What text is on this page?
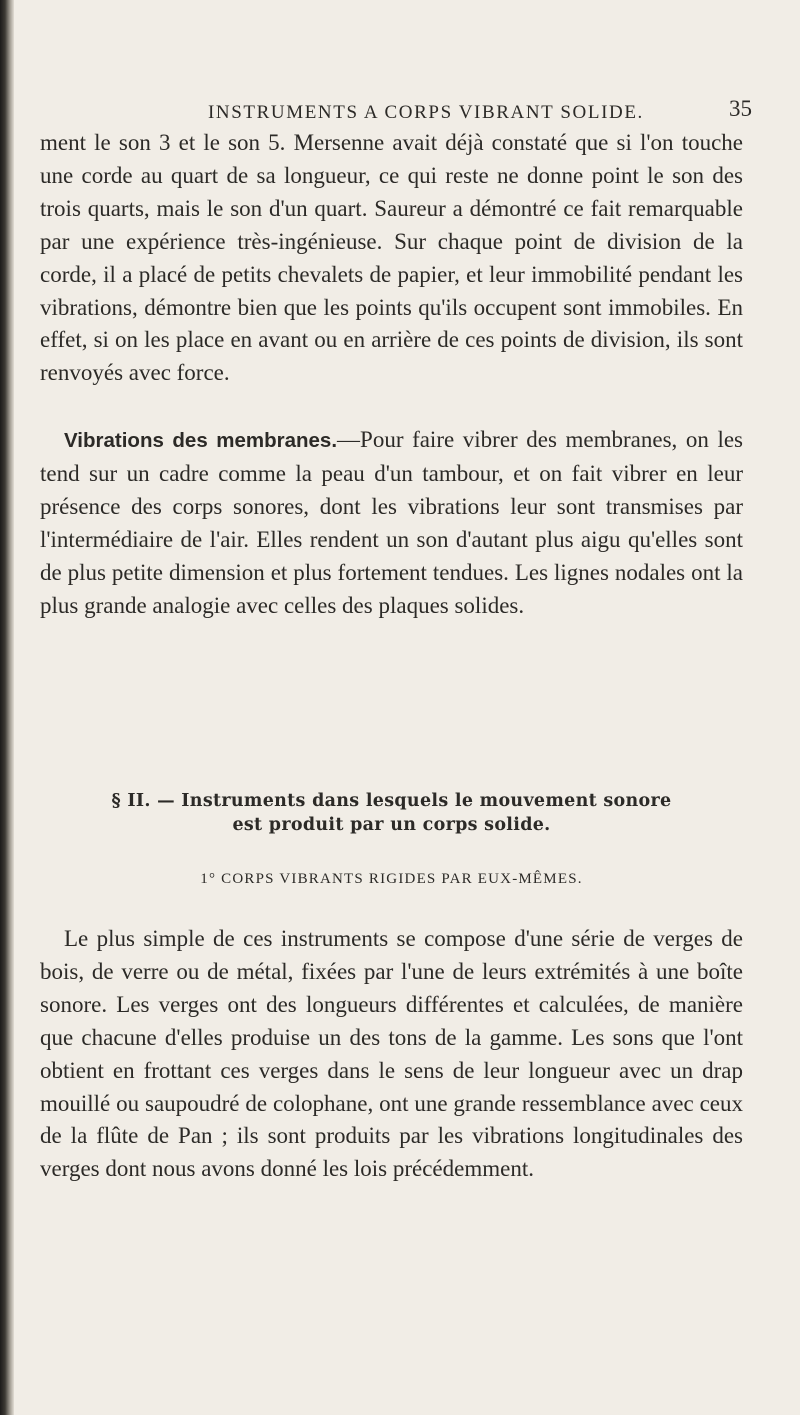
INSTRUMENTS A CORPS VIBRANT SOLIDE.	35

ment le son 3 et le son 5. Mersenne avait déjà constaté que si l'on touche une corde au quart de sa longueur, ce qui reste ne donne point le son des trois quarts, mais le son d'un quart. Saureur a démontré ce fait remarquable par une expérience très-ingénieuse. Sur chaque point de division de la corde, il a placé de petits chevalets de papier, et leur immobilité pendant les vibrations, démontre bien que les points qu'ils occupent sont immobiles. En effet, si on les place en avant ou en arrière de ces points de division, ils sont renvoyés avec force.

Vibrations des membranes.—Pour faire vibrer des membranes, on les tend sur un cadre comme la peau d'un tambour, et on fait vibrer en leur présence des corps sonores, dont les vibrations leur sont transmises par l'intermédiaire de l'air. Elles rendent un son d'autant plus aigu qu'elles sont de plus petite dimension et plus fortement tendues. Les lignes nodales ont la plus grande analogie avec celles des plaques solides.

§ II. — Instruments dans lesquels le mouvement sonore
est produit par un corps solide.
1° CORPS VIBRANTS RIGIDES PAR EUX-MÊMES.

Le plus simple de ces instruments se compose d'une série de verges de bois, de verre ou de métal, fixées par l'une de leurs extrémités à une boîte sonore. Les verges ont des longueurs différentes et calculées, de manière que chacune d'elles produise un des tons de la gamme. Les sons que l'ont obtient en frottant ces verges dans le sens de leur longueur avec un drap mouillé ou saupoudré de colophane, ont une grande ressemblance avec ceux de la flûte de Pan ; ils sont produits par les vibrations longitudinales des verges dont nous avons donné les lois précédemment.
